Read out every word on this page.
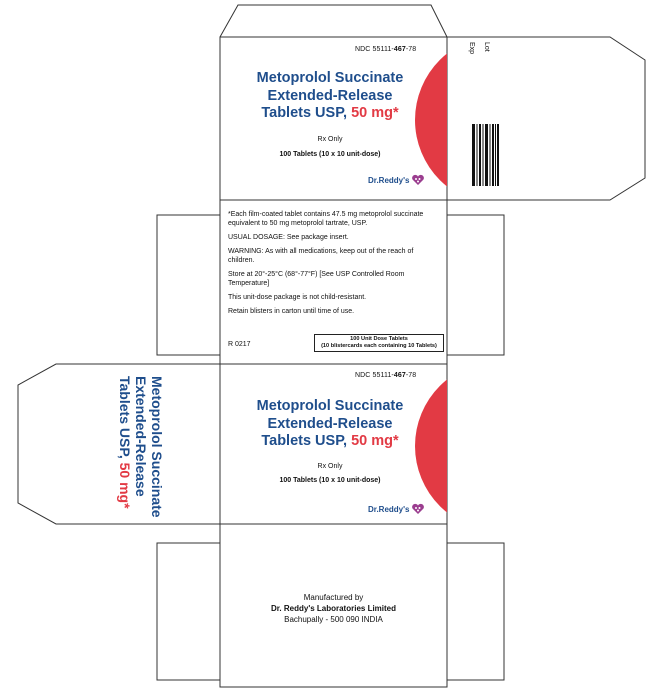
NDC 55111-467-78
Metoprolol Succinate
Extended-Release
Tablets USP, 50 mg*
Rx Only
100 Tablets (10 x 10 unit-dose)
Dr.Reddy's
Lot
Exp

*Each film-coated tablet contains 47.5 mg metoprolol succinate equivalent to 50 mg metoprolol tartrate, USP.

USUAL DOSAGE: See package insert.

WARNING: As with all medications, keep out of the reach of children.

Store at 20°-25°C (68°-77°F) [See USP Controlled Room Temperature]

This unit-dose package is not child-resistant.

Retain blisters in carton until time of use.

R 0217
100 Unit Dose Tablets
(10 blistercards each containing 10 Tablets)
Metoprolol Succinate
Extended-Release
Tablets USP, 50 mg*
NDC 55111-467-78
Metoprolol Succinate
Extended-Release
Tablets USP, 50 mg*
Rx Only
100 Tablets (10 x 10 unit-dose)
Dr.Reddy's
Manufactured by
Dr. Reddy's Laboratories Limited
Bachupally - 500 090 INDIA
